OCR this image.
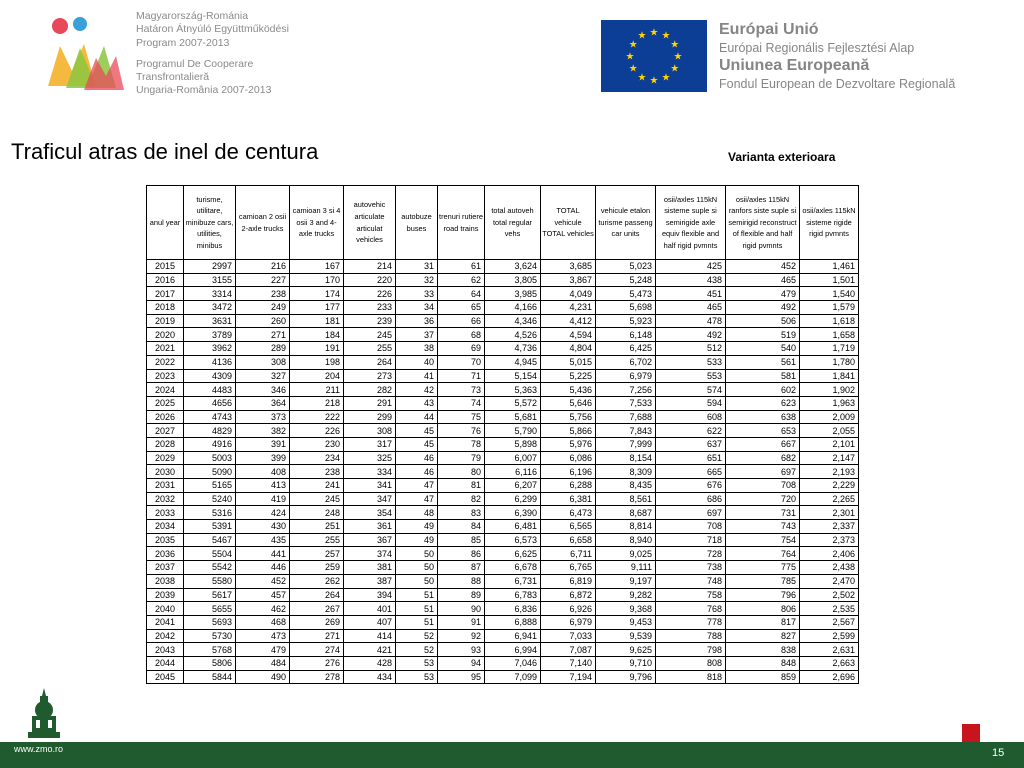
Magyarország-Románia
Határon Átnyúló Együttműködési
Program 2007-2013
Programul De Cooperare
Transfrontalieră
Ungaria-România 2007-2013
★
★
★
★
★
★
★
★
★ ★ ★
★
Európai Unió
Európai Regionális Fejlesztési Alap
Uniunea Europeană
Fondul European de Dezvoltare Regională
Traficul atras de inel de centura	Varianta exterioara
anul year	turisme, utilitare, minibuze cars, utilities, minibus	camioan 2 osii 2-axle trucks	camioan 3 si 4 osii 3 and 4-axle trucks	autovehic articulate articulat vehicles	autobuze buses	trenuri rutiere road trains	total autoveh total regular vehs	TOTAL vehicule TOTAL vehicles	vehicule etalon turisme passeng car units	osii/axles 115kN sisteme suple si semirigide axle equiv flexible and half rigid pvmnts	osii/axles 115kN ranfors siste suple si semirigid reconstruct of flexible and half rigid pvmnts	osii/axles 115kN sisteme rigide rigid pvmnts
2015	2997	216	167	214	31	61	3,624	3,685	5,023	425	452	1,461
2016	3155	227	170	220	32	62	3,805	3,867	5,248	438	465	1,501
2017	3314	238	174	226	33	64	3,985	4,049	5,473	451	479	1,540
2018	3472	249	177	233	34	65	4,166	4,231	5,698	465	492	1,579
2019	3631	260	181	239	36	66	4,346	4,412	5,923	478	506	1,618
2020	3789	271	184	245	37	68	4,526	4,594	6,148	492	519	1,658
2021	3962	289	191	255	38	69	4,736	4,804	6,425	512	540	1,719
2022	4136	308	198	264	40	70	4,945	5,015	6,702	533	561	1,780
2023	4309	327	204	273	41	71	5,154	5,225	6,979	553	581	1,841
2024	4483	346	211	282	42	73	5,363	5,436	7,256	574	602	1,902
2025	4656	364	218	291	43	74	5,572	5,646	7,533	594	623	1,963
2026	4743	373	222	299	44	75	5,681	5,756	7,688	608	638	2,009
2027	4829	382	226	308	45	76	5,790	5,866	7,843	622	653	2,055
2028	4916	391	230	317	45	78	5,898	5,976	7,999	637	667	2,101
2029	5003	399	234	325	46	79	6,007	6,086	8,154	651	682	2,147
2030	5090	408	238	334	46	80	6,116	6,196	8,309	665	697	2,193
2031	5165	413	241	341	47	81	6,207	6,288	8,435	676	708	2,229
2032	5240	419	245	347	47	82	6,299	6,381	8,561	686	720	2,265
2033	5316	424	248	354	48	83	6,390	6,473	8,687	697	731	2,301
2034	5391	430	251	361	49	84	6,481	6,565	8,814	708	743	2,337
2035	5467	435	255	367	49	85	6,573	6,658	8,940	718	754	2,373
2036	5504	441	257	374	50	86	6,625	6,711	9,025	728	764	2,406
2037	5542	446	259	381	50	87	6,678	6,765	9,111	738	775	2,438
2038	5580	452	262	387	50	88	6,731	6,819	9,197	748	785	2,470
2039	5617	457	264	394	51	89	6,783	6,872	9,282	758	796	2,502
2040	5655	462	267	401	51	90	6,836	6,926	9,368	768	806	2,535
2041	5693	468	269	407	51	91	6,888	6,979	9,453	778	817	2,567
2042	5730	473	271	414	52	92	6,941	7,033	9,539	788	827	2,599
2043	5768	479	274	421	52	93	6,994	7,087	9,625	798	838	2,631
2044	5806	484	276	428	53	94	7,046	7,140	9,710	808	848	2,663
2045	5844	490	278	434	53	95	7,099	7,194	9,796	818	859	2,696
www.zmo.ro	15
